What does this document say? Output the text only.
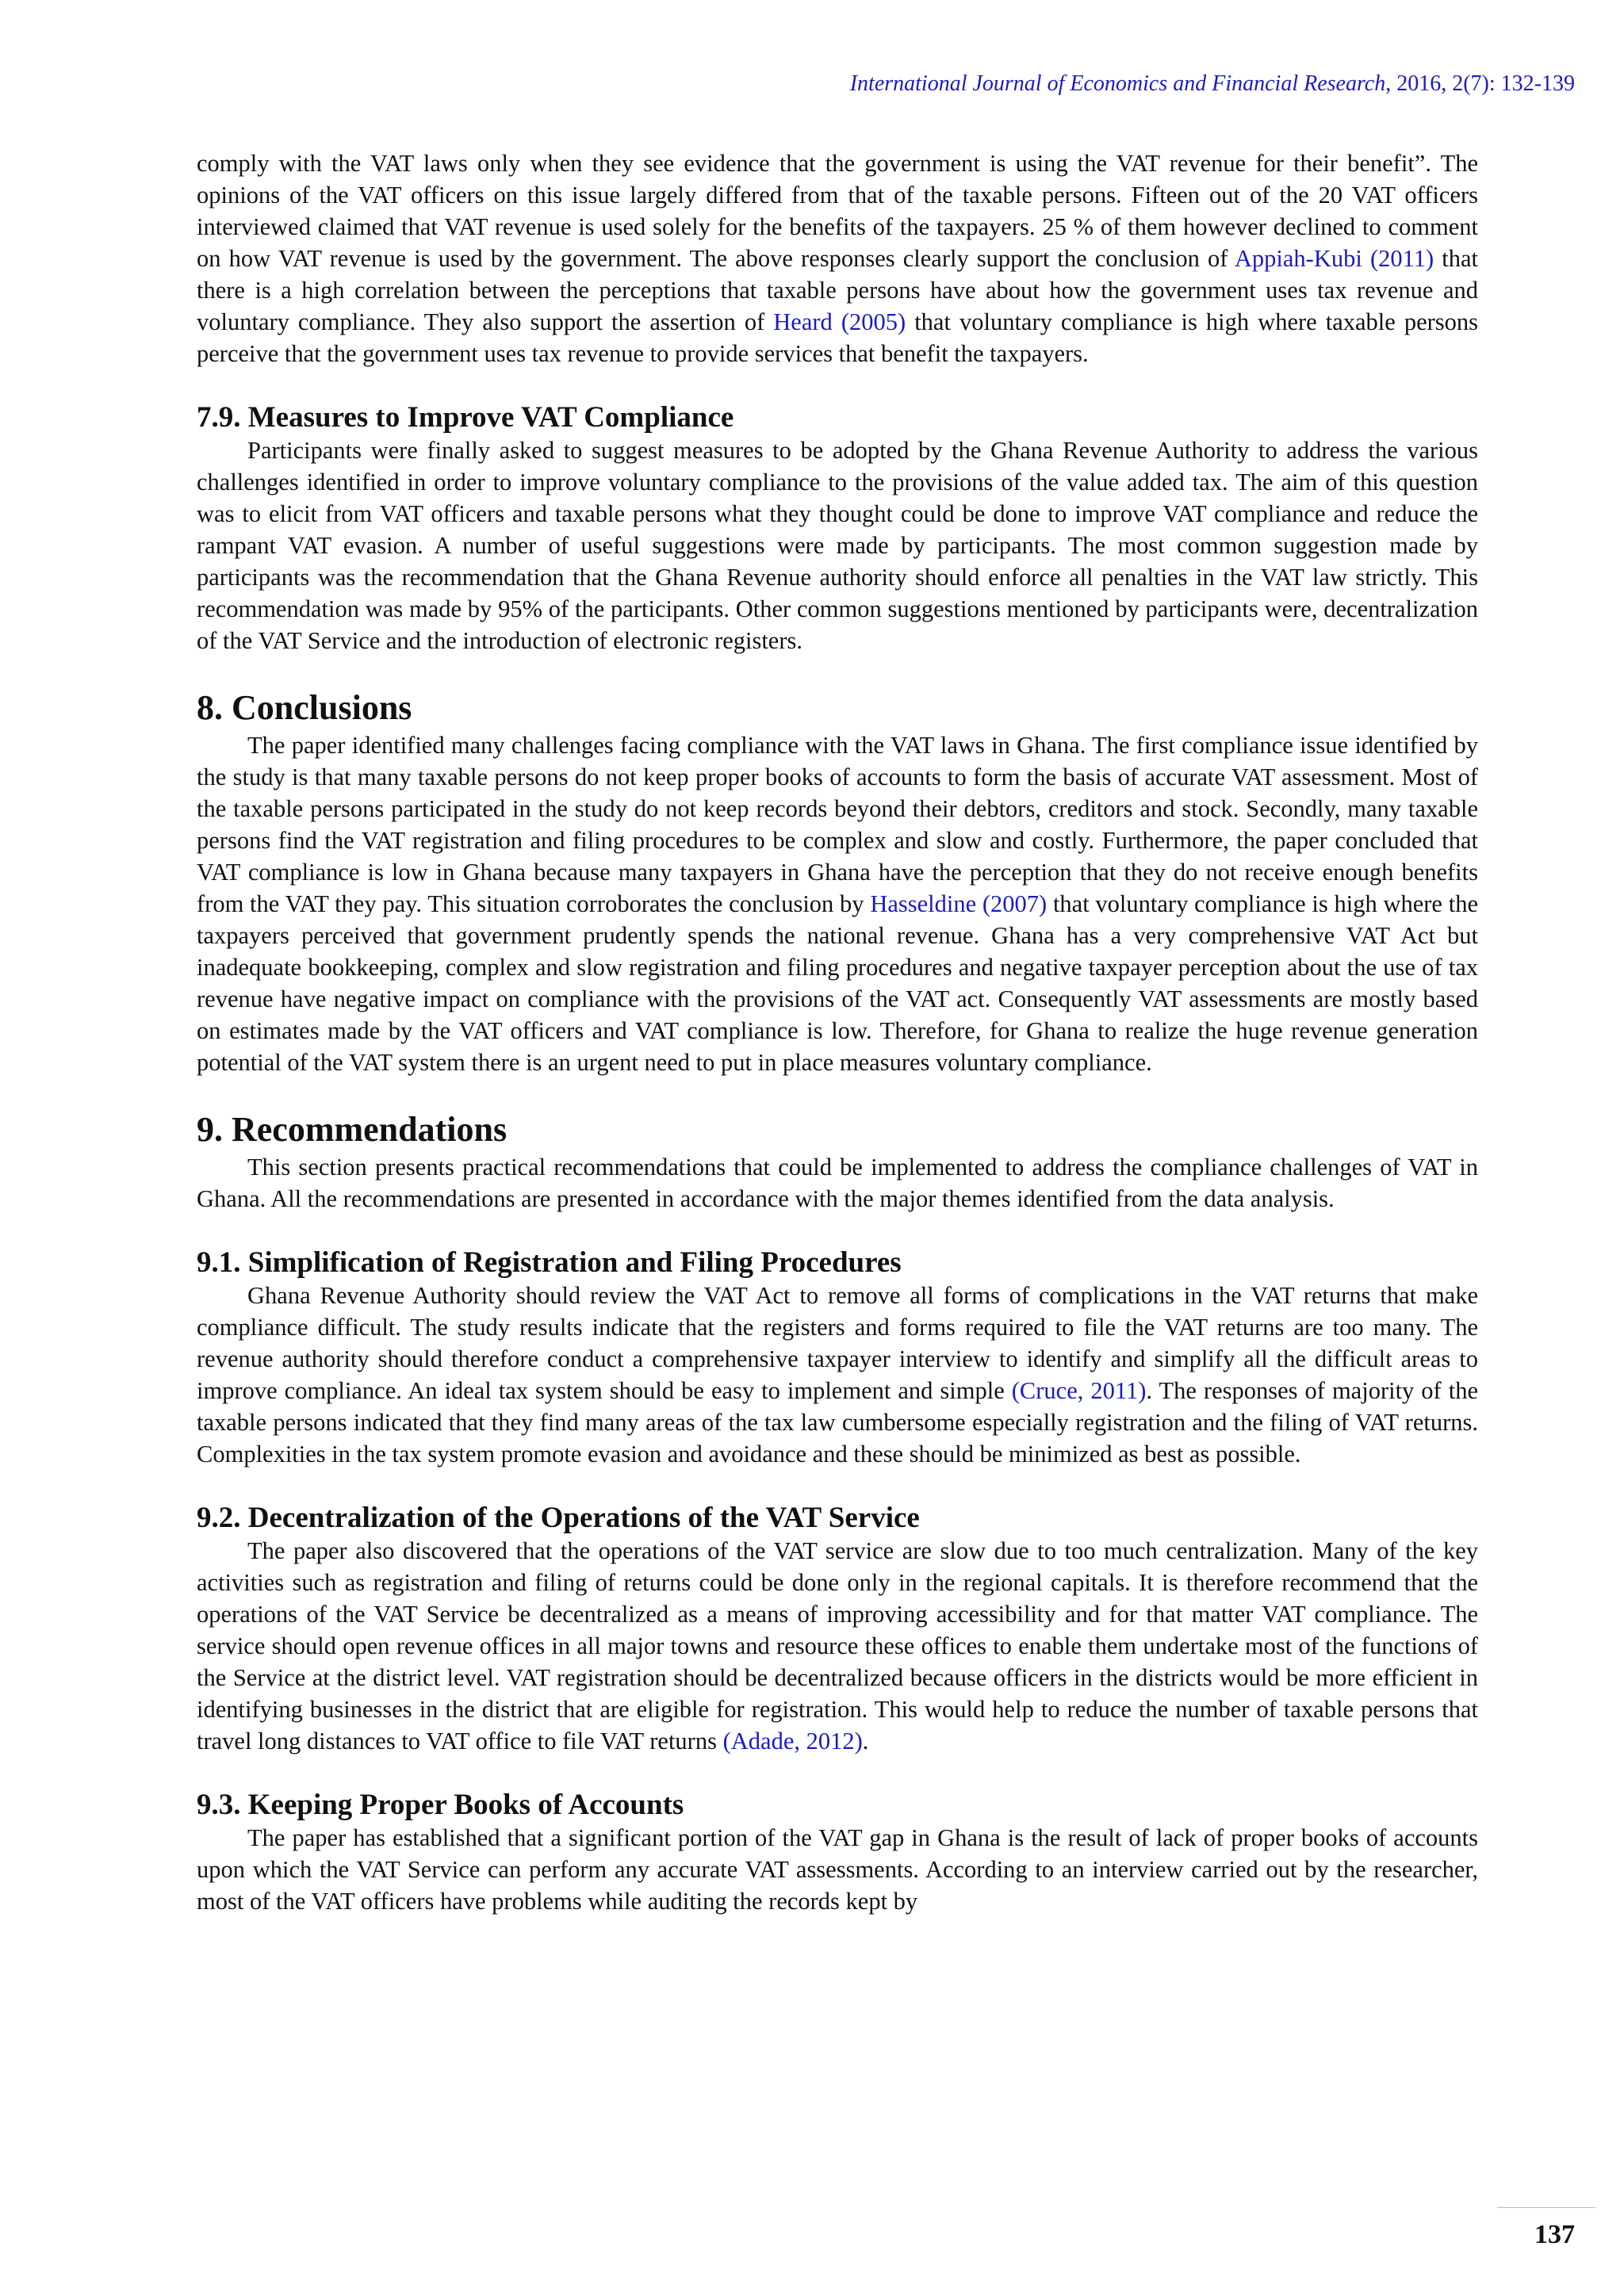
International Journal of Economics and Financial Research, 2016, 2(7): 132-139

comply with the VAT laws only when they see evidence that the government is using the VAT revenue for their benefit”. The opinions of the VAT officers on this issue largely differed from that of the taxable persons. Fifteen out of the 20 VAT officers interviewed claimed that VAT revenue is used solely for the benefits of the taxpayers. 25 % of them however declined to comment on how VAT revenue is used by the government. The above responses clearly support the conclusion of Appiah-Kubi (2011) that there is a high correlation between the perceptions that taxable persons have about how the government uses tax revenue and voluntary compliance. They also support the assertion of Heard (2005) that voluntary compliance is high where taxable persons perceive that the government uses tax revenue to provide services that benefit the taxpayers.

7.9. Measures to Improve VAT Compliance

Participants were finally asked to suggest measures to be adopted by the Ghana Revenue Authority to address the various challenges identified in order to improve voluntary compliance to the provisions of the value added tax. The aim of this question was to elicit from VAT officers and taxable persons what they thought could be done to improve VAT compliance and reduce the rampant VAT evasion. A number of useful suggestions were made by participants. The most common suggestion made by participants was the recommendation that the Ghana Revenue authority should enforce all penalties in the VAT law strictly. This recommendation was made by 95% of the participants. Other common suggestions mentioned by participants were, decentralization of the VAT Service and the introduction of electronic registers.

8. Conclusions

The paper identified many challenges facing compliance with the VAT laws in Ghana. The first compliance issue identified by the study is that many taxable persons do not keep proper books of accounts to form the basis of accurate VAT assessment. Most of the taxable persons participated in the study do not keep records beyond their debtors, creditors and stock. Secondly, many taxable persons find the VAT registration and filing procedures to be complex and slow and costly. Furthermore, the paper concluded that VAT compliance is low in Ghana because many taxpayers in Ghana have the perception that they do not receive enough benefits from the VAT they pay. This situation corroborates the conclusion by Hasseldine (2007) that voluntary compliance is high where the taxpayers perceived that government prudently spends the national revenue. Ghana has a very comprehensive VAT Act but inadequate bookkeeping, complex and slow registration and filing procedures and negative taxpayer perception about the use of tax revenue have negative impact on compliance with the provisions of the VAT act. Consequently VAT assessments are mostly based on estimates made by the VAT officers and VAT compliance is low. Therefore, for Ghana to realize the huge revenue generation potential of the VAT system there is an urgent need to put in place measures voluntary compliance.

9. Recommendations

This section presents practical recommendations that could be implemented to address the compliance challenges of VAT in Ghana. All the recommendations are presented in accordance with the major themes identified from the data analysis.

9.1. Simplification of Registration and Filing Procedures

Ghana Revenue Authority should review the VAT Act to remove all forms of complications in the VAT returns that make compliance difficult. The study results indicate that the registers and forms required to file the VAT returns are too many. The revenue authority should therefore conduct a comprehensive taxpayer interview to identify and simplify all the difficult areas to improve compliance. An ideal tax system should be easy to implement and simple (Cruce, 2011). The responses of majority of the taxable persons indicated that they find many areas of the tax law cumbersome especially registration and the filing of VAT returns. Complexities in the tax system promote evasion and avoidance and these should be minimized as best as possible.

9.2. Decentralization of the Operations of the VAT Service

The paper also discovered that the operations of the VAT service are slow due to too much centralization. Many of the key activities such as registration and filing of returns could be done only in the regional capitals. It is therefore recommend that the operations of the VAT Service be decentralized as a means of improving accessibility and for that matter VAT compliance. The service should open revenue offices in all major towns and resource these offices to enable them undertake most of the functions of the Service at the district level. VAT registration should be decentralized because officers in the districts would be more efficient in identifying businesses in the district that are eligible for registration. This would help to reduce the number of taxable persons that travel long distances to VAT office to file VAT returns (Adade, 2012).

9.3. Keeping Proper Books of Accounts

The paper has established that a significant portion of the VAT gap in Ghana is the result of lack of proper books of accounts upon which the VAT Service can perform any accurate VAT assessments. According to an interview carried out by the researcher, most of the VAT officers have problems while auditing the records kept by

137
